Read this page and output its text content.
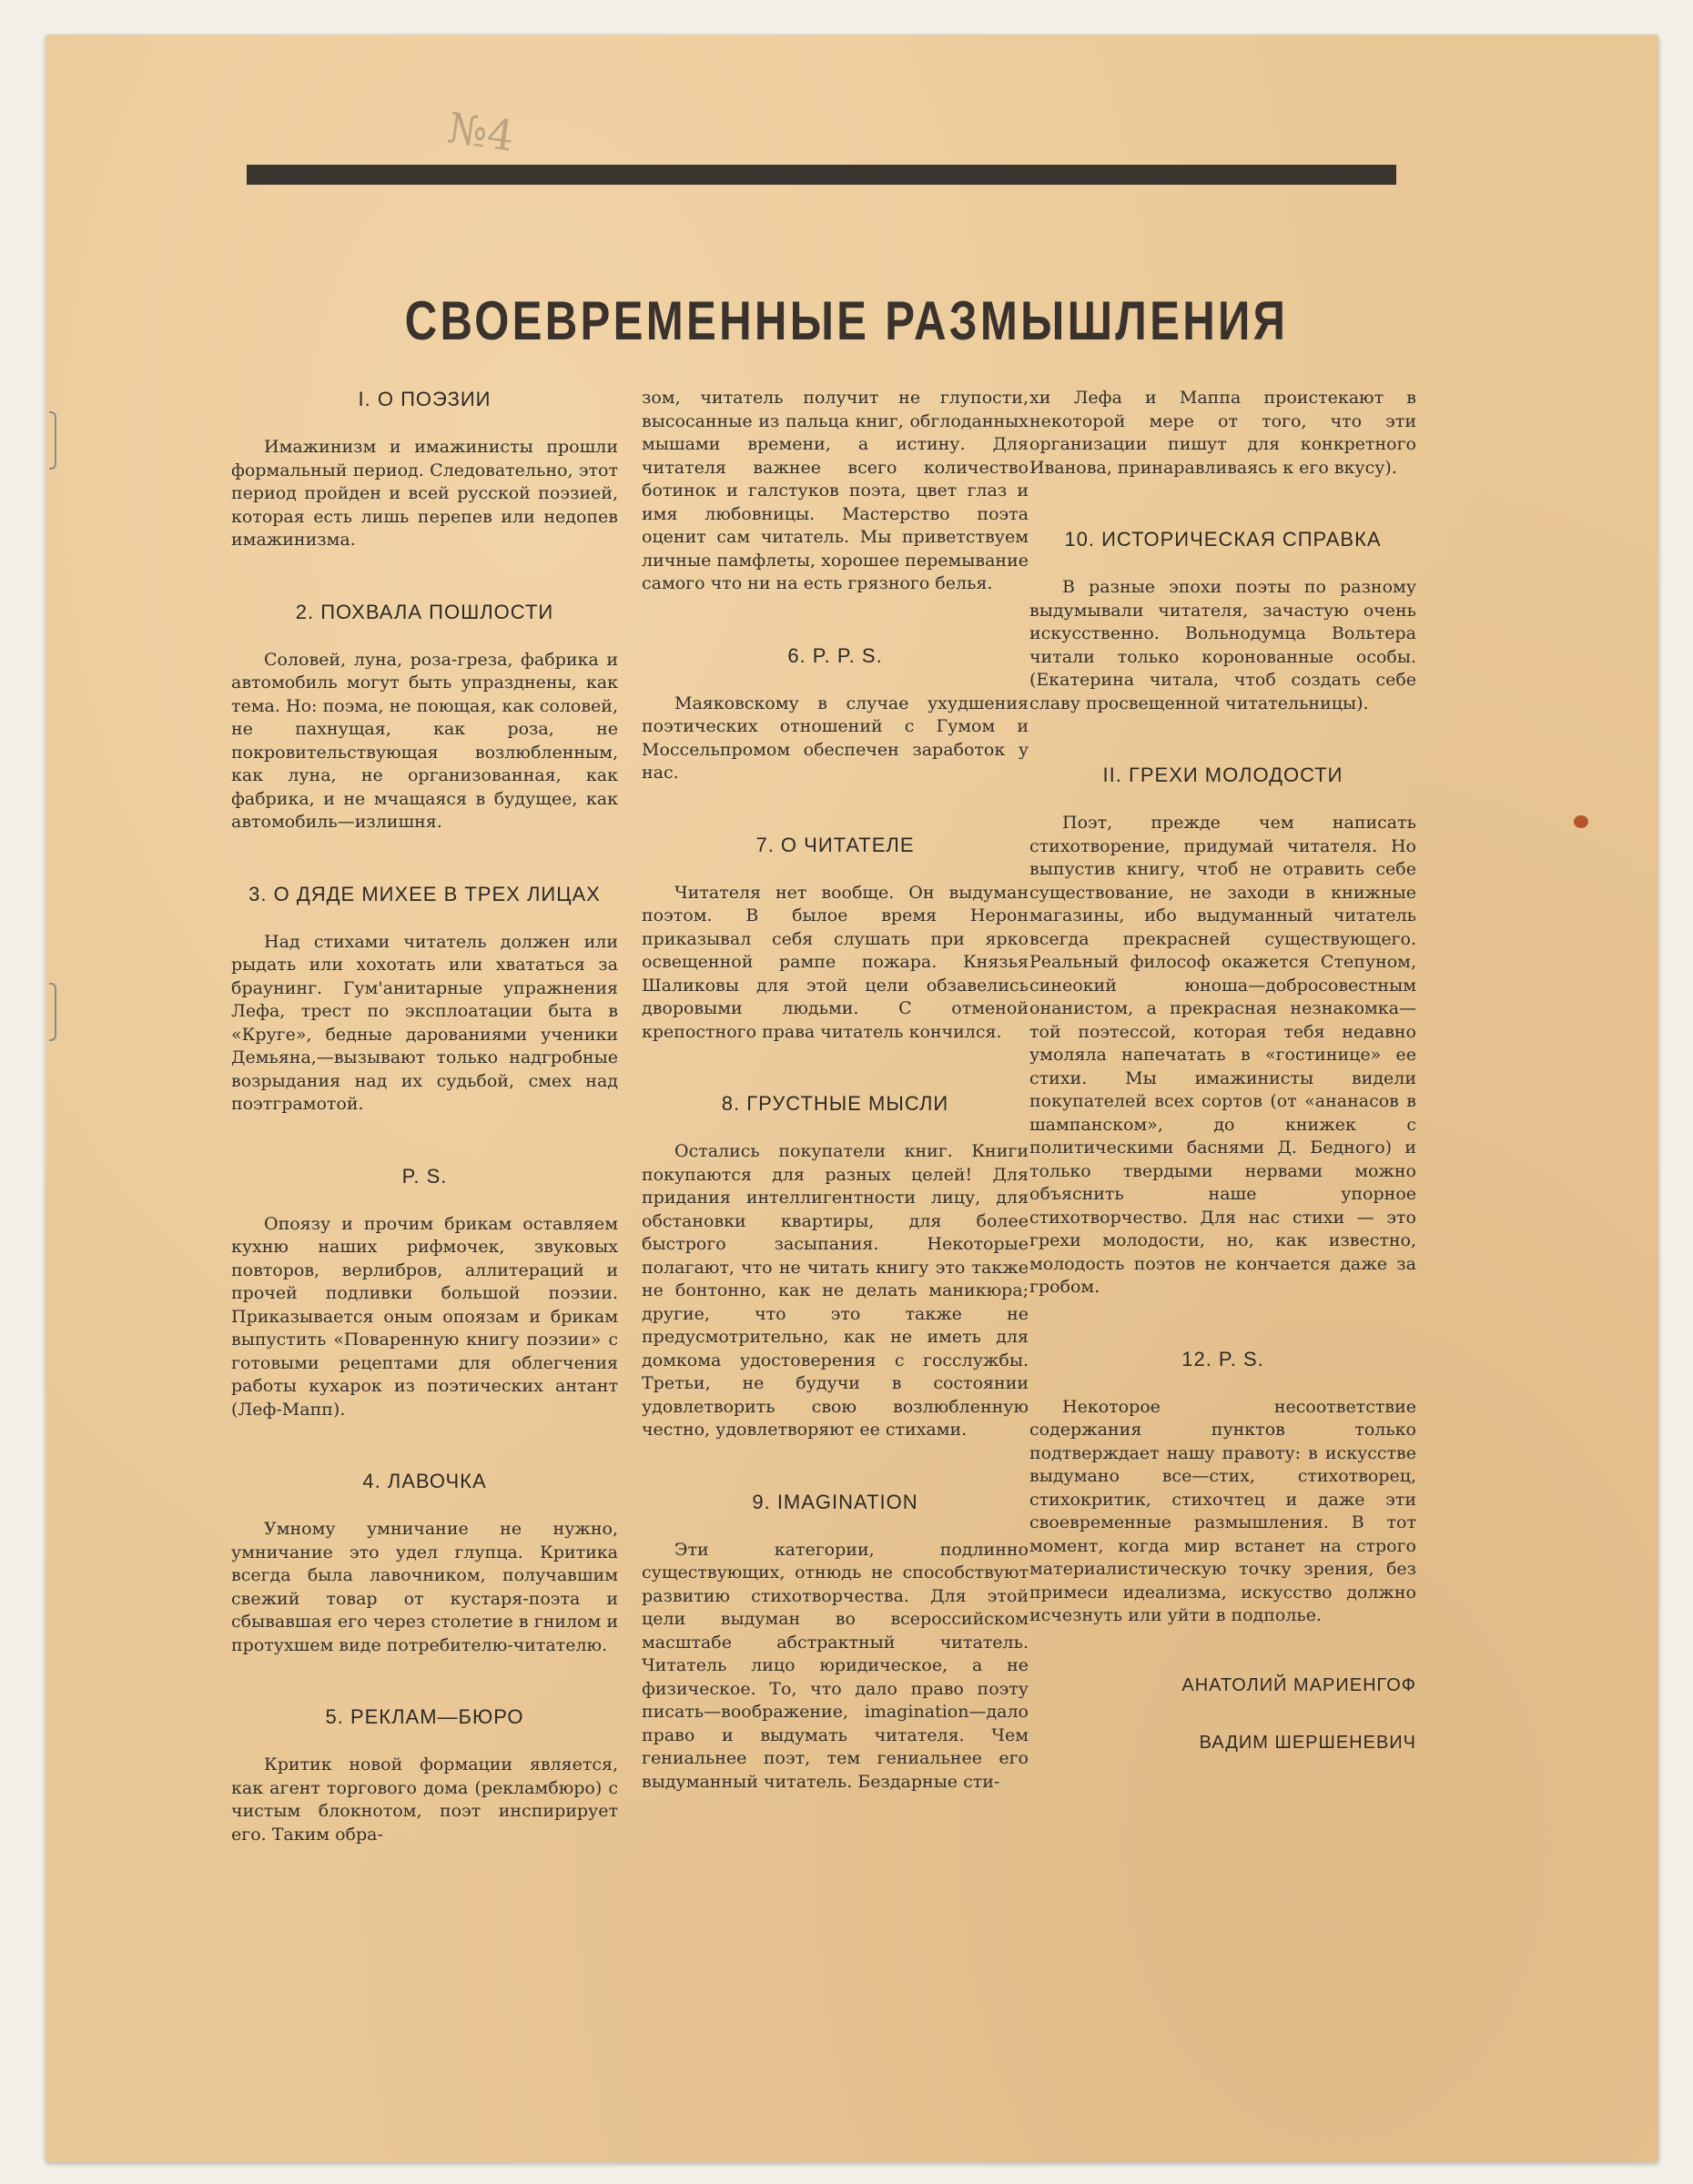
№4
СВОЕВРЕМЕННЫЕ РАЗМЫШЛЕНИЯ
I. О ПОЭЗИИ

Имажинизм и имажинисты прошли формальный период. Следовательно, этот период пройден и всей русской поэзией, которая есть лишь перепев или недопев имажинизма.

2. ПОХВАЛА ПОШЛОСТИ

Соловей, луна, роза-греза, фабрика и автомобиль могут быть упразднены, как тема. Но: поэма, не поющая, как соловей, не пахнущая, как роза, не покровительствующая возлюбленным, как луна, не организованная, как фабрика, и не мчащаяся в будущее, как автомобиль—излишня.

3. О ДЯДЕ МИХЕЕ В ТРЕХ ЛИЦАХ

Над стихами читатель должен или рыдать или хохотать или хвататься за браунинг. Гум'анитарные упражнения Лефа, трест по эксплоатации быта в «Круге», бедные дарованиями ученики Демьяна,—вызывают только надгробные возрыдания над их судьбой, смех над поэтграмотой.

P. S.

Опоязу и прочим брикам оставляем кухню наших рифмочек, звуковых повторов, верлибров, аллитераций и прочей подливки большой поэзии. Приказывается оным опоязам и брикам выпустить «Поваренную книгу поэзии» с готовыми рецептами для облегчения работы кухарок из поэтических антант (Леф-Мапп).

4. ЛАВОЧКА

Умному умничание не нужно, умничание это удел глупца. Критика всегда была лавочником, получавшим свежий товар от кустаря-поэта и сбывавшая его через столетие в гнилом и протухшем виде потребителю-читателю.

5. РЕКЛАМ—БЮРО

Критик новой формации является, как агент торгового дома (рекламбюро) с чистым блокнотом, поэт инспирирует его. Таким обра-

зом, читатель получит не глупости, высосанные из пальца книг, обглоданных мышами времени, а истину. Для читателя важнее всего количество ботинок и галстуков поэта, цвет глаз и имя любовницы. Мастерство поэта оценит сам читатель. Мы приветствуем личные памфлеты, хорошее перемывание самого что ни на есть грязного белья.

6. P. P. S.

Маяковскому в случае ухудшения поэтических отношений с Гумом и Моссельпромом обеспечен заработок у нас.

7. О ЧИТАТЕЛЕ

Читателя нет вообще. Он выдуман поэтом. В былое время Нерон приказывал себя слушать при ярко освещенной рампе пожара. Князья Шаликовы для этой цели обзавелись дворовыми людьми. С отменой крепостного права читатель кончился.

8. ГРУСТНЫЕ МЫСЛИ

Остались покупатели книг. Книги покупаются для разных целей! Для придания интеллигентности лицу, для обстановки квартиры, для более быстрого засыпания. Некоторые полагают, что не читать книгу это также не бонтонно, как не делать маникюра; другие, что это также не предусмотрительно, как не иметь для домкома удостоверения с госслужбы. Третьи, не будучи в состоянии удовлетворить свою возлюбленную честно, удовлетворяют ее стихами.

9. IMAGINATION

Эти категории, подлинно существующих, отнюдь не способствуют развитию стихотворчества. Для этой цели выдуман во всероссийском масштабе абстрактный читатель. Читатель лицо юридическое, а не физическое. То, что дало право поэту писать—воображение, imagination—дало право и выдумать читателя. Чем гениальнее поэт, тем гениальнее его выдуманный читатель. Бездарные сти-

хи Лефа и Маппа проистекают в некоторой мере от того, что эти организации пишут для конкретного Иванова, принаравливаясь к его вкусу).

10. ИСТОРИЧЕСКАЯ СПРАВКА

В разные эпохи поэты по разному выдумывали читателя, зачастую очень искусственно. Вольнодумца Вольтера читали только коронованные особы. (Екатерина читала, чтоб создать себе славу просвещенной читательницы).

II. ГРЕХИ МОЛОДОСТИ

Поэт, прежде чем написать стихотворение, придумай читателя. Но выпустив книгу, чтоб не отравить себе существование, не заходи в книжные магазины, ибо выдуманный читатель всегда прекрасней существующего. Реальный философ окажется Степуном, синеокий юноша—добросовестным онанистом, а прекрасная незнакомка—той поэтессой, которая тебя недавно умоляла напечатать в «гостинице» ее стихи. Мы имажинисты видели покупателей всех сортов (от «ананасов в шампанском», до книжек с политическими баснями Д. Бедного) и только твердыми нервами можно объяснить наше упорное стихотворчество. Для нас стихи — это грехи молодости, но, как известно, молодость поэтов не кончается даже за гробом.

12. P. S.

Некоторое несоответствие содержания пунктов только подтверждает нашу правоту: в искусстве выдумано все—стих, стихотворец, стихокритик, стихочтец и даже эти своевременные размышления. В тот момент, когда мир встанет на строго материалистическую точку зрения, без примеси идеализма, искусство должно исчезнуть или уйти в подполье.

АНАТОЛИЙ МАРИЕНГОФ
ВАДИМ ШЕРШЕНЕВИЧ
